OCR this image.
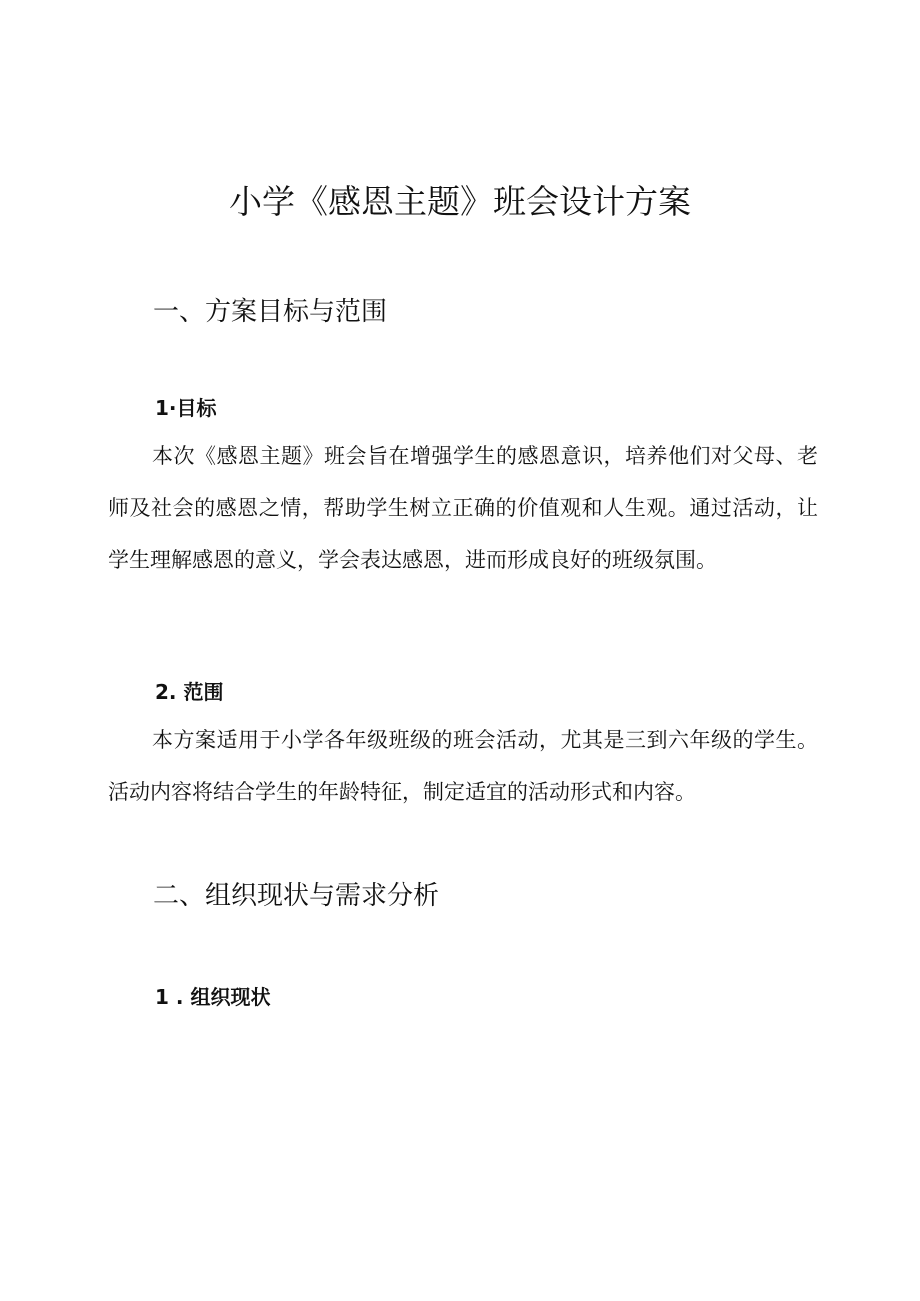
小学《感恩主题》班会设计方案
一、方案目标与范围
1·目标

本次《感恩主题》班会旨在增强学生的感恩意识，培养他们对父母、老师及社会的感恩之情，帮助学生树立正确的价值观和人生观。通过活动，让学生理解感恩的意义，学会表达感恩，进而形成良好的班级氛围。

2. 范围

本方案适用于小学各年级班级的班会活动，尤其是三到六年级的学生。活动内容将结合学生的年龄特征，制定适宜的活动形式和内容。

二、组织现状与需求分析
1 . 组织现状
